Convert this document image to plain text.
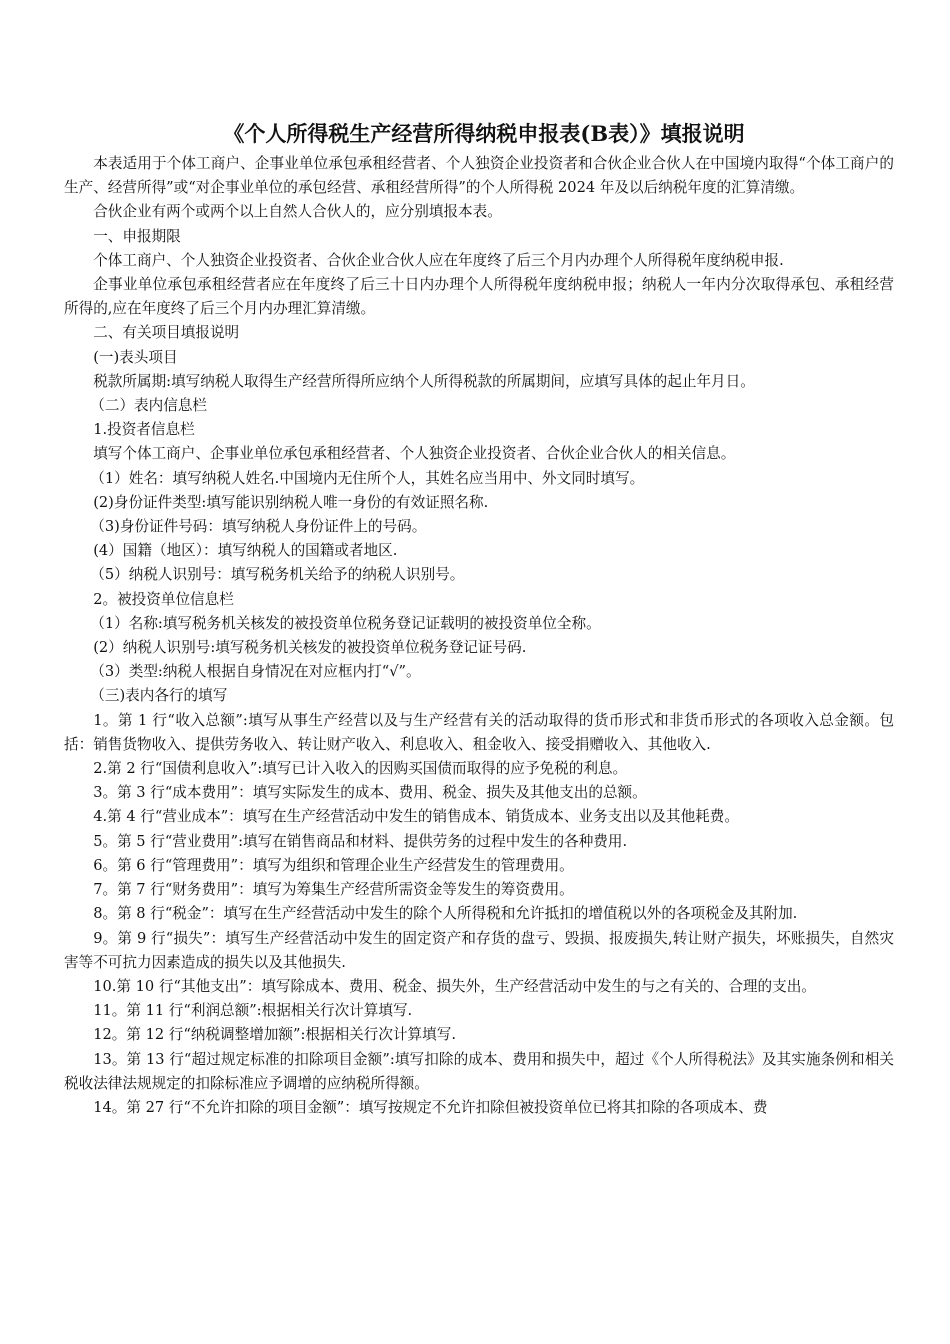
《个人所得税生产经营所得纳税申报表(B表）》填报说明

本表适用于个体工商户、企事业单位承包承租经营者、个人独资企业投资者和合伙企业合伙人在中国境内取得“个体工商户的生产、经营所得”或“对企事业单位的承包经营、承租经营所得”的个人所得税 2024 年及以后纳税年度的汇算清缴。

合伙企业有两个或两个以上自然人合伙人的，应分别填报本表。

一、申报期限

个体工商户、个人独资企业投资者、合伙企业合伙人应在年度终了后三个月内办理个人所得税年度纳税申报.

企事业单位承包承租经营者应在年度终了后三十日内办理个人所得税年度纳税申报；纳税人一年内分次取得承包、承租经营所得的,应在年度终了后三个月内办理汇算清缴。

二、有关项目填报说明

(一)表头项目

税款所属期:填写纳税人取得生产经营所得所应纳个人所得税款的所属期间，应填写具体的起止年月日。

（二）表内信息栏

1.投资者信息栏

填写个体工商户、企事业单位承包承租经营者、个人独资企业投资者、合伙企业合伙人的相关信息。

（1）姓名：填写纳税人姓名.中国境内无住所个人，其姓名应当用中、外文同时填写。

(2)身份证件类型:填写能识别纳税人唯一身份的有效证照名称.

（3)身份证件号码：填写纳税人身份证件上的号码。

(4）国籍（地区）：填写纳税人的国籍或者地区.

（5）纳税人识别号：填写税务机关给予的纳税人识别号。

2。被投资单位信息栏

（1）名称:填写税务机关核发的被投资单位税务登记证载明的被投资单位全称。

(2）纳税人识别号:填写税务机关核发的被投资单位税务登记证号码.

（3）类型:纳税人根据自身情况在对应框内打“√”。

（三)表内各行的填写

1。第 1 行“收入总额”:填写从事生产经营以及与生产经营有关的活动取得的货币形式和非货币形式的各项收入总金额。包括：销售货物收入、提供劳务收入、转让财产收入、利息收入、租金收入、接受捐赠收入、其他收入.

2.第 2 行“国债利息收入”:填写已计入收入的因购买国债而取得的应予免税的利息。

3。第 3 行“成本费用”：填写实际发生的成本、费用、税金、损失及其他支出的总额。

4.第 4 行“营业成本”：填写在生产经营活动中发生的销售成本、销货成本、业务支出以及其他耗费。

5。第 5 行“营业费用”:填写在销售商品和材料、提供劳务的过程中发生的各种费用.

6。第 6 行“管理费用”：填写为组织和管理企业生产经营发生的管理费用。

7。第 7 行“财务费用”：填写为筹集生产经营所需资金等发生的筹资费用。

8。第 8 行“税金”：填写在生产经营活动中发生的除个人所得税和允许抵扣的增值税以外的各项税金及其附加.

9。第 9 行“损失”：填写生产经营活动中发生的固定资产和存货的盘亏、毁损、报废损失,转让财产损失，坏账损失，自然灾害等不可抗力因素造成的损失以及其他损失.

10.第 10 行“其他支出”：填写除成本、费用、税金、损失外，生产经营活动中发生的与之有关的、合理的支出。

11。第 11 行“利润总额”:根据相关行次计算填写.

12。第 12 行“纳税调整增加额”:根据相关行次计算填写.

13。第 13 行“超过规定标准的扣除项目金额”:填写扣除的成本、费用和损失中，超过《个人所得税法》及其实施条例和相关税收法律法规规定的扣除标准应予调增的应纳税所得额。

14。第 27 行“不允许扣除的项目金额”：填写按规定不允许扣除但被投资单位已将其扣除的各项成本、费
